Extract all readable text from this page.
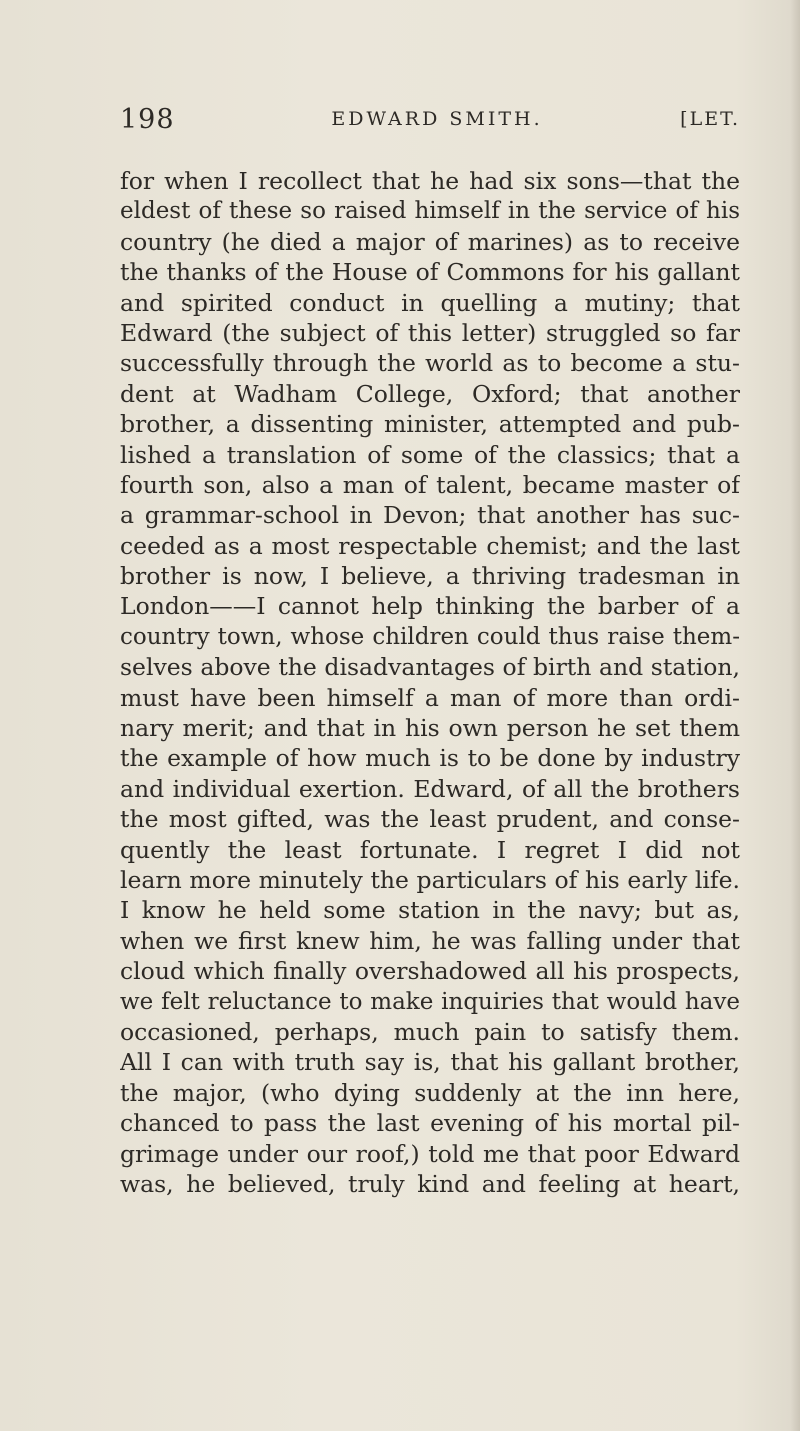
198	EDWARD SMITH.	[LET.
for when I recollect that he had six sons—that the
eldest of these so raised himself in the service of his
country (he died a major of marines) as to receive
the thanks of the House of Commons for his gallant
and spirited conduct in quelling a mutiny; that
Edward (the subject of this letter) struggled so far
successfully through the world as to become a stu-
dent at Wadham College, Oxford; that another
brother, a dissenting minister, attempted and pub-
lished a translation of some of the classics; that a
fourth son, also a man of talent, became master of
a grammar-school in Devon; that another has suc-
ceeded as a most respectable chemist; and the last
brother is now, I believe, a thriving tradesman in
London——I cannot help thinking the barber of a
country town, whose children could thus raise them-
selves above the disadvantages of birth and station,
must have been himself a man of more than ordi-
nary merit; and that in his own person he set them
the example of how much is to be done by industry
and individual exertion. Edward, of all the brothers
the most gifted, was the least prudent, and conse-
quently the least fortunate. I regret I did not
learn more minutely the particulars of his early life.
I know he held some station in the navy; but as,
when we first knew him, he was falling under that
cloud which finally overshadowed all his prospects,
we felt reluctance to make inquiries that would have
occasioned, perhaps, much pain to satisfy them.
All I can with truth say is, that his gallant brother,
the major, (who dying suddenly at the inn here,
chanced to pass the last evening of his mortal pil-
grimage under our roof,) told me that poor Edward
was, he believed, truly kind and feeling at heart,
